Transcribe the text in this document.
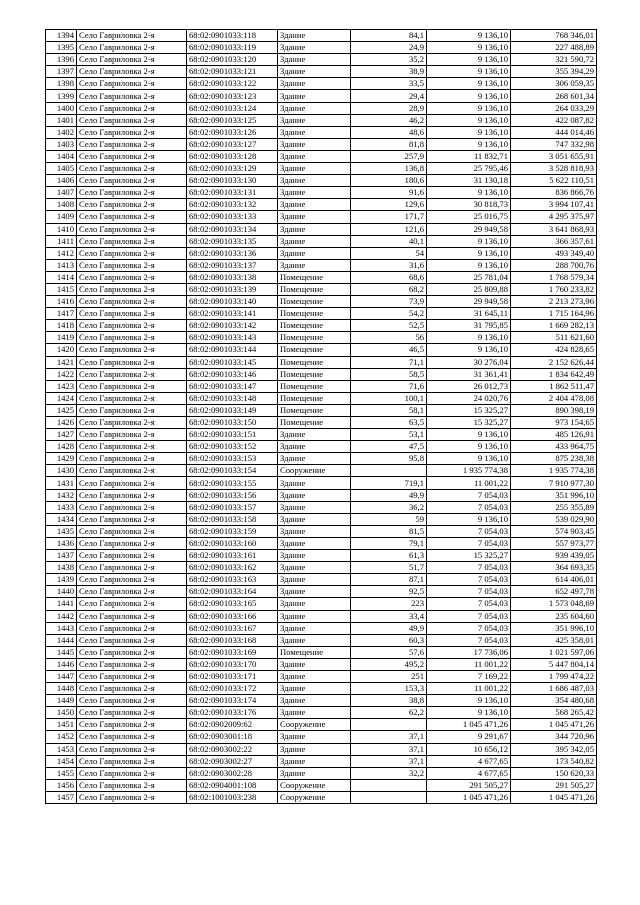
1394	Село Гавриловка 2-я	68:02:0901033:118	Здание	84,1	9 136,10	768 346,01
1395	Село Гавриловка 2-я	68:02:0901033:119	Здание	24,9	9 136,10	227 488,89
1396	Село Гавриловка 2-я	68:02:0901033:120	Здание	35,2	9 136,10	321 590,72
1397	Село Гавриловка 2-я	68:02:0901033:121	Здание	38,9	9 136,10	355 394,29
1398	Село Гавриловка 2-я	68:02:0901033:122	Здание	33,5	9 136,10	306 059,35
1399	Село Гавриловка 2-я	68:02:0901033:123	Здание	29,4	9 136,10	268 601,34
1400	Село Гавриловка 2-я	68:02:0901033:124	Здание	28,9	9 136,10	264 033,29
1401	Село Гавриловка 2-я	68:02:0901033:125	Здание	46,2	9 136,10	422 087,82
1402	Село Гавриловка 2-я	68:02:0901033:126	Здание	48,6	9 136,10	444 014,46
1403	Село Гавриловка 2-я	68:02:0901033:127	Здание	81,8	9 136,10	747 332,98
1404	Село Гавриловка 2-я	68:02:0901033:128	Здание	257,9	11 832,71	3 051 655,91
1405	Село Гавриловка 2-я	68:02:0901033:129	Здание	136,8	25 795,46	3 528 818,93
1406	Село Гавриловка 2-я	68:02:0901033:130	Здание	180,6	31 130,18	5 622 110,51
1407	Село Гавриловка 2-я	68:02:0901033:131	Здание	91,6	9 136,10	836 866,76
1408	Село Гавриловка 2-я	68:02:0901033:132	Здание	129,6	30 818,73	3 994 107,41
1409	Село Гавриловка 2-я	68:02:0901033:133	Здание	171,7	25 016,75	4 295 375,97
1410	Село Гавриловка 2-я	68:02:0901033:134	Здание	121,6	29 949,58	3 641 868,93
1411	Село Гавриловка 2-я	68:02:0901033:135	Здание	40,1	9 136,10	366 357,61
1412	Село Гавриловка 2-я	68:02:0901033:136	Здание	54	9 136,10	493 349,40
1413	Село Гавриловка 2-я	68:02:0901033:137	Здание	31,6	9 136,10	288 700,76
1414	Село Гавриловка 2-я	68:02:0901033:138	Помещение	68,6	25 781,04	1 768 579,34
1415	Село Гавриловка 2-я	68:02:0901033:139	Помещение	68,2	25 809,88	1 760 233,82
1416	Село Гавриловка 2-я	68:02:0901033:140	Помещение	73,9	29 949,58	2 213 273,96
1417	Село Гавриловка 2-я	68:02:0901033:141	Помещение	54,2	31 645,11	1 715 164,96
1418	Село Гавриловка 2-я	68:02:0901033:142	Помещение	52,5	31 795,85	1 669 282,13
1419	Село Гавриловка 2-я	68:02:0901033:143	Помещение	56	9 136,10	511 621,60
1420	Село Гавриловка 2-я	68:02:0901033:144	Помещение	46,5	9 136,10	424 828,65
1421	Село Гавриловка 2-я	68:02:0901033:145	Помещение	71,1	30 276,04	2 152 626,44
1422	Село Гавриловка 2-я	68:02:0901033:146	Помещение	58,5	31 361,41	1 834 642,49
1423	Село Гавриловка 2-я	68:02:0901033:147	Помещение	71,6	26 012,73	1 862 511,47
1424	Село Гавриловка 2-я	68:02:0901033:148	Помещение	100,1	24 020,76	2 404 478,08
1425	Село Гавриловка 2-я	68:02:0901033:149	Помещение	58,1	15 325,27	890 398,19
1426	Село Гавриловка 2-я	68:02:0901033:150	Помещение	63,5	15 325,27	973 154,65
1427	Село Гавриловка 2-я	68:02:0901033:151	Здание	53,1	9 136,10	485 126,91
1428	Село Гавриловка 2-я	68:02:0901033:152	Здание	47,5	9 136,10	433 964,75
1429	Село Гавриловка 2-я	68:02:0901033:153	Здание	95,8	9 136,10	875 238,38
1430	Село Гавриловка 2-я	68:02:0901033:154	Сооружение		1 935 774,38	1 935 774,38
1431	Село Гавриловка 2-я	68:02:0901033:155	Здание	719,1	11 001,22	7 910 977,30
1432	Село Гавриловка 2-я	68:02:0901033:156	Здание	49,9	7 054,03	351 996,10
1433	Село Гавриловка 2-я	68:02:0901033:157	Здание	36,2	7 054,03	255 355,89
1434	Село Гавриловка 2-я	68:02:0901033:158	Здание	59	9 136,10	539 029,90
1435	Село Гавриловка 2-я	68:02:0901033:159	Здание	81,5	7 054,03	574 903,45
1436	Село Гавриловка 2-я	68:02:0901033:160	Здание	79,1	7 054,03	557 973,77
1437	Село Гавриловка 2-я	68:02:0901033:161	Здание	61,3	15 325,27	939 439,05
1438	Село Гавриловка 2-я	68:02:0901033:162	Здание	51,7	7 054,03	364 693,35
1439	Село Гавриловка 2-я	68:02:0901033:163	Здание	87,1	7 054,03	614 406,01
1440	Село Гавриловка 2-я	68:02:0901033:164	Здание	92,5	7 054,03	652 497,78
1441	Село Гавриловка 2-я	68:02:0901033:165	Здание	223	7 054,03	1 573 048,69
1442	Село Гавриловка 2-я	68:02:0901033:166	Здание	33,4	7 054,03	235 604,60
1443	Село Гавриловка 2-я	68:02:0901033:167	Здание	49,9	7 054,03	351 996,10
1444	Село Гавриловка 2-я	68:02:0901033:168	Здание	60,3	7 054,03	425 358,01
1445	Село Гавриловка 2-я	68:02:0901033:169	Помещение	57,6	17 736,06	1 021 597,06
1446	Село Гавриловка 2-я	68:02:0901033:170	Здание	495,2	11 001,22	5 447 804,14
1447	Село Гавриловка 2-я	68:02:0901033:171	Здание	251	7 169,22	1 799 474,22
1448	Село Гавриловка 2-я	68:02:0901033:172	Здание	153,3	11 001,22	1 686 487,03
1449	Село Гавриловка 2-я	68:02:0901033:174	Здание	38,8	9 136,10	354 480,68
1450	Село Гавриловка 2-я	68:02:0901033:176	Здание	62,2	9 136,10	568 265,42
1451	Село Гавриловка 2-я	68:02:0902009:62	Сооружение		1 045 471,26	1 045 471,26
1452	Село Гавриловка 2-я	68:02:0903001:18	Здание	37,1	9 291,67	344 720,96
1453	Село Гавриловка 2-я	68:02:0903002:22	Здание	37,1	10 656,12	395 342,05
1454	Село Гавриловка 2-я	68:02:0903002:27	Здание	37,1	4 677,65	173 540,82
1455	Село Гавриловка 2-я	68:02:0903002:28	Здание	32,2	4 677,65	150 620,33
1456	Село Гавриловка 2-я	68:02:0904001:108	Сооружение		291 505,27	291 505,27
1457	Село Гавриловка 2-я	68:02:1001003:238	Сооружение		1 045 471,26	1 045 471,26
